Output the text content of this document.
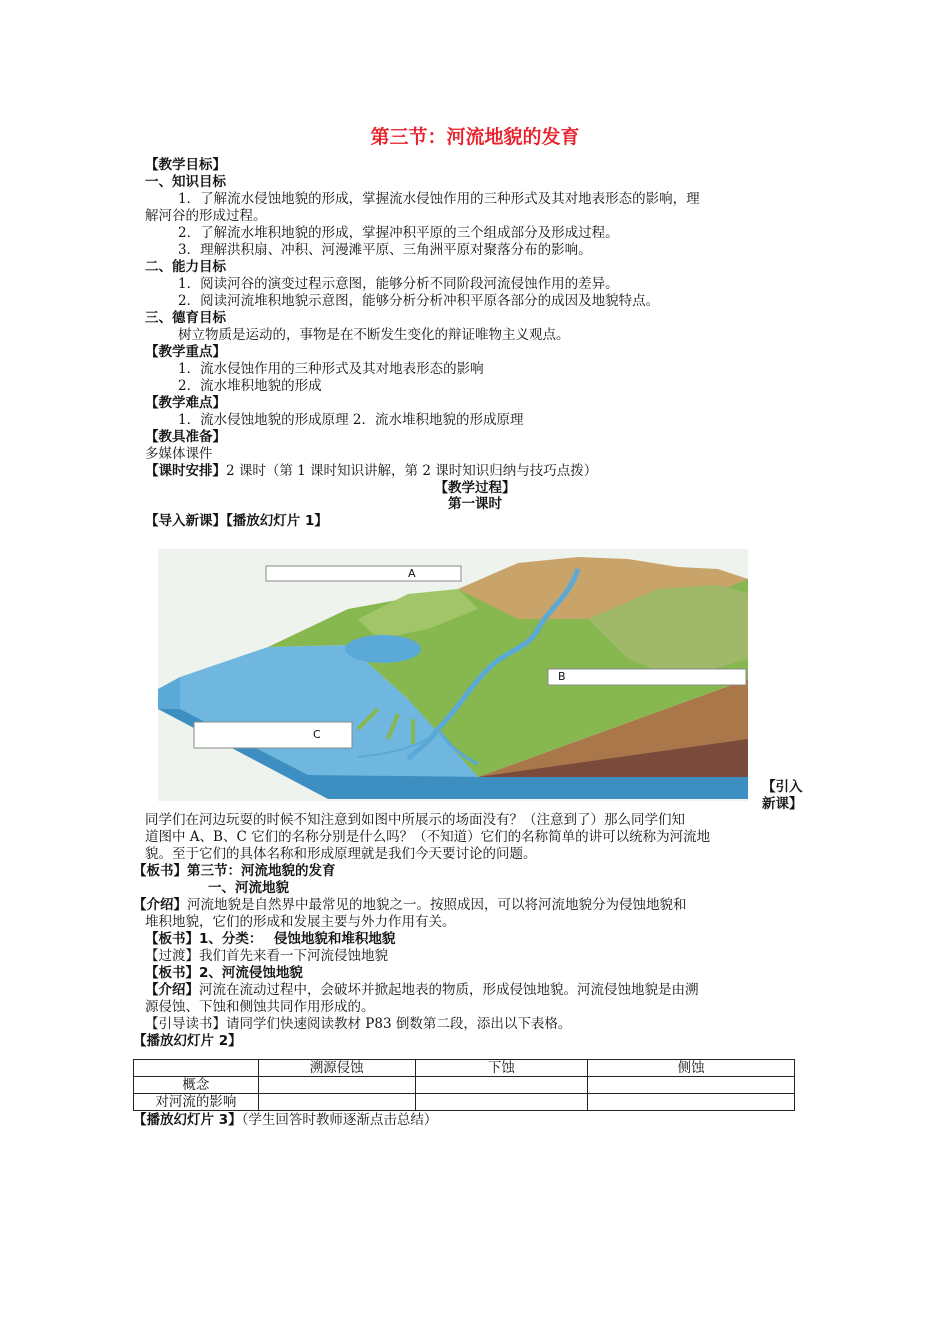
第三节：河流地貌的发育
【教学目标】
一、知识目标
1．了解流水侵蚀地貌的形成，掌握流水侵蚀作用的三种形式及其对地表形态的影响，理
解河谷的形成过程。
2．了解流水堆积地貌的形成，掌握冲积平原的三个组成部分及形成过程。
3．理解洪积扇、冲积、河漫滩平原、三角洲平原对聚落分布的影响。
二、能力目标
1．阅读河谷的演变过程示意图，能够分析不同阶段河流侵蚀作用的差异。
2．阅读河流堆积地貌示意图，能够分析分析冲积平原各部分的成因及地貌特点。
三、德育目标
树立物质是运动的，事物是在不断发生变化的辩证唯物主义观点。
【教学重点】
1．流水侵蚀作用的三种形式及其对地表形态的影响
2．流水堆积地貌的形成
【教学难点】
1．流水侵蚀地貌的形成原理 2．流水堆积地貌的形成原理
【教具准备】
多媒体课件
【课时安排】2 课时（第 1 课时知识讲解，第 2 课时知识归纳与技巧点拨）
【教学过程】
第一课时
【导入新课】【播放幻灯片 1】
A
B
C
【引入
新课】
同学们在河边玩耍的时候不知注意到如图中所展示的场面没有？（注意到了）那么同学们知
道图中 A、B、C 它们的名称分别是什么吗？（不知道）它们的名称简单的讲可以统称为河流地
貌。至于它们的具体名称和形成原理就是我们今天要讨论的问题。
【板书】第三节：河流地貌的发育
一、河流地貌
【介绍】河流地貌是自然界中最常见的地貌之一。按照成因，可以将河流地貌分为侵蚀地貌和
堆积地貌，它们的形成和发展主要与外力作用有关。
【板书】1、分类：　 侵蚀地貌和堆积地貌
【过渡】我们首先来看一下河流侵蚀地貌
【板书】2、河流侵蚀地貌
【介绍】河流在流动过程中，会破坏并掀起地表的物质，形成侵蚀地貌。河流侵蚀地貌是由溯
源侵蚀、下蚀和侧蚀共同作用形成的。
【引导读书】请同学们快速阅读教材 P83 倒数第二段，添出以下表格。
【播放幻灯片 2】
	溯源侵蚀	下蚀	侧蚀
概念			
对河流的影响			
【播放幻灯片 3】（学生回答时教师逐渐点击总结）
